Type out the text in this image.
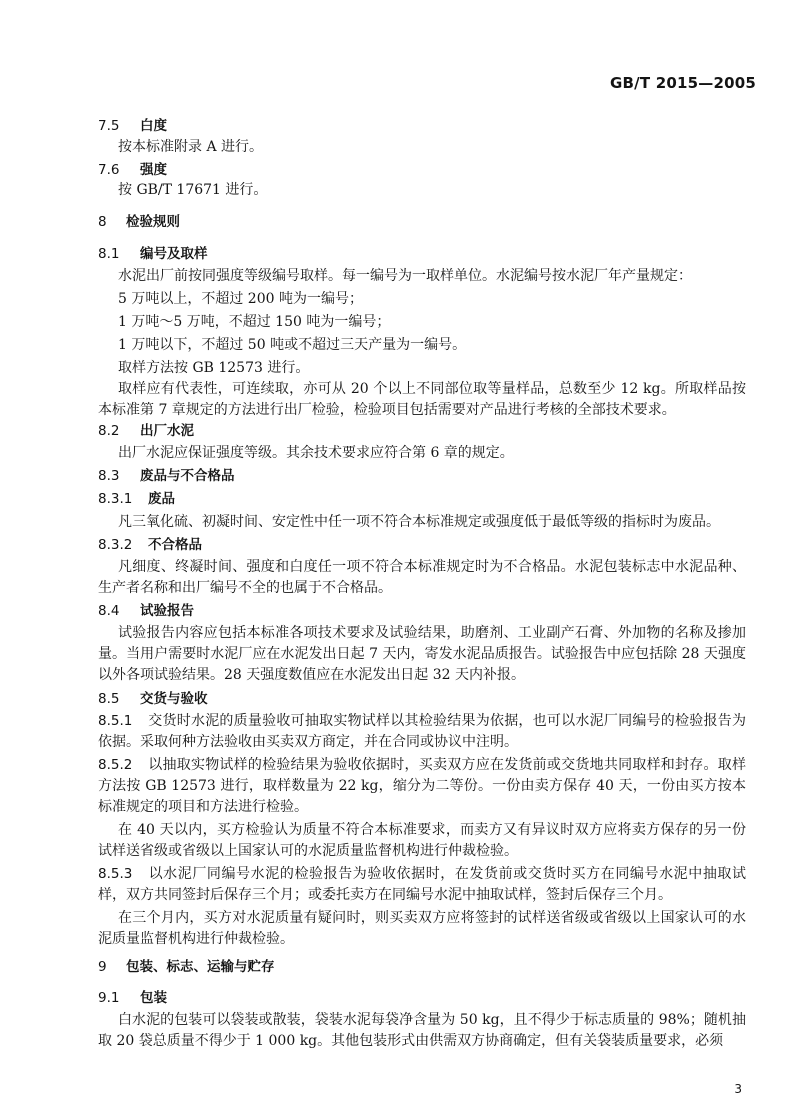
GB/T 2015—2005
7.5 白度
按本标准附录 A 进行。
7.6 强度
按 GB/T 17671 进行。
8 检验规则
8.1 编号及取样
水泥出厂前按同强度等级编号取样。每一编号为一取样单位。水泥编号按水泥厂年产量规定：
5 万吨以上，不超过 200 吨为一编号；
1 万吨～5 万吨，不超过 150 吨为一编号；
1 万吨以下，不超过 50 吨或不超过三天产量为一编号。
取样方法按 GB 12573 进行。
取样应有代表性，可连续取，亦可从 20 个以上不同部位取等量样品，总数至少 12 kg。所取样品按本标准第 7 章规定的方法进行出厂检验，检验项目包括需要对产品进行考核的全部技术要求。
8.2 出厂水泥
出厂水泥应保证强度等级。其余技术要求应符合第 6 章的规定。
8.3 废品与不合格品
8.3.1 废品
凡三氧化硫、初凝时间、安定性中任一项不符合本标准规定或强度低于最低等级的指标时为废品。
8.3.2 不合格品
凡细度、终凝时间、强度和白度任一项不符合本标准规定时为不合格品。水泥包装标志中水泥品种、生产者名称和出厂编号不全的也属于不合格品。
8.4 试验报告
试验报告内容应包括本标准各项技术要求及试验结果，助磨剂、工业副产石膏、外加物的名称及掺加量。当用户需要时水泥厂应在水泥发出日起 7 天内，寄发水泥品质报告。试验报告中应包括除 28 天强度以外各项试验结果。28 天强度数值应在水泥发出日起 32 天内补报。
8.5 交货与验收
8.5.1 交货时水泥的质量验收可抽取实物试样以其检验结果为依据，也可以水泥厂同编号的检验报告为依据。采取何种方法验收由买卖双方商定，并在合同或协议中注明。
8.5.2 以抽取实物试样的检验结果为验收依据时，买卖双方应在发货前或交货地共同取样和封存。取样方法按 GB 12573 进行，取样数量为 22 kg，缩分为二等份。一份由卖方保存 40 天，一份由买方按本标准规定的项目和方法进行检验。
在 40 天以内，买方检验认为质量不符合本标准要求，而卖方又有异议时双方应将卖方保存的另一份试样送省级或省级以上国家认可的水泥质量监督机构进行仲裁检验。
8.5.3 以水泥厂同编号水泥的检验报告为验收依据时，在发货前或交货时买方在同编号水泥中抽取试样，双方共同签封后保存三个月；或委托卖方在同编号水泥中抽取试样，签封后保存三个月。
在三个月内，买方对水泥质量有疑问时，则买卖双方应将签封的试样送省级或省级以上国家认可的水泥质量监督机构进行仲裁检验。
9 包装、标志、运输与贮存
9.1 包装
白水泥的包装可以袋装或散装，袋装水泥每袋净含量为 50 kg，且不得少于标志质量的 98%；随机抽取 20 袋总质量不得少于 1 000 kg。其他包装形式由供需双方协商确定，但有关袋装质量要求，必须
3
